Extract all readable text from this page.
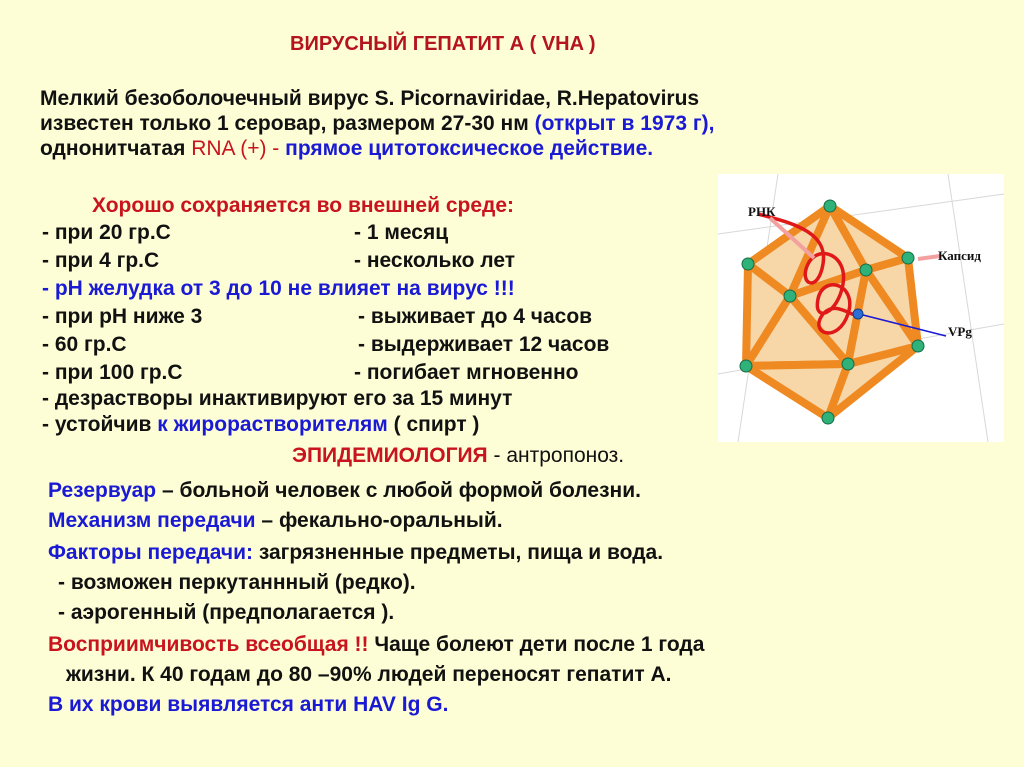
ВИРУСНЫЙ ГЕПАТИТ А ( VHA )
Мелкий безоболочечный вирус S. Picornaviridae, R.Hepatovirus
известен только 1 серовар, размером 27-30 нм (открыт в 1973 г),
однонитчатая RNA (+) - прямое цитотоксическое действие.
Хорошо сохраняется во внешней среде:
- при 20 гр.С	- 1 месяц
- при 4 гр.С	- несколько лет
- pH желудка от 3 до 10 не влияет на вирус !!!
- при pH ниже 3	- выживает до 4 часов
- 60 гр.С	- выдерживает 12 часов
- при 100 гр.С	- погибает мгновенно
- дезрастворы инактивируют его за 15 минут
- устойчив к жирорастворителям ( спирт )
ЭПИДЕМИОЛОГИЯ - антропоноз.
Резервуар – больной человек с любой формой болезни.
Механизм передачи – фекально-оральный.
Факторы передачи: загрязненные предметы, пища и вода.
- возможен перкутаннный (редко).
- аэрогенный (предполагается ).
Восприимчивость всеобщая !! Чаще болеют дети после 1 года
жизни. К 40 годам до 80 –90% людей переносят гепатит А.
В их крови выявляется анти HAV Ig G.
РНК
Капсид
VPg
